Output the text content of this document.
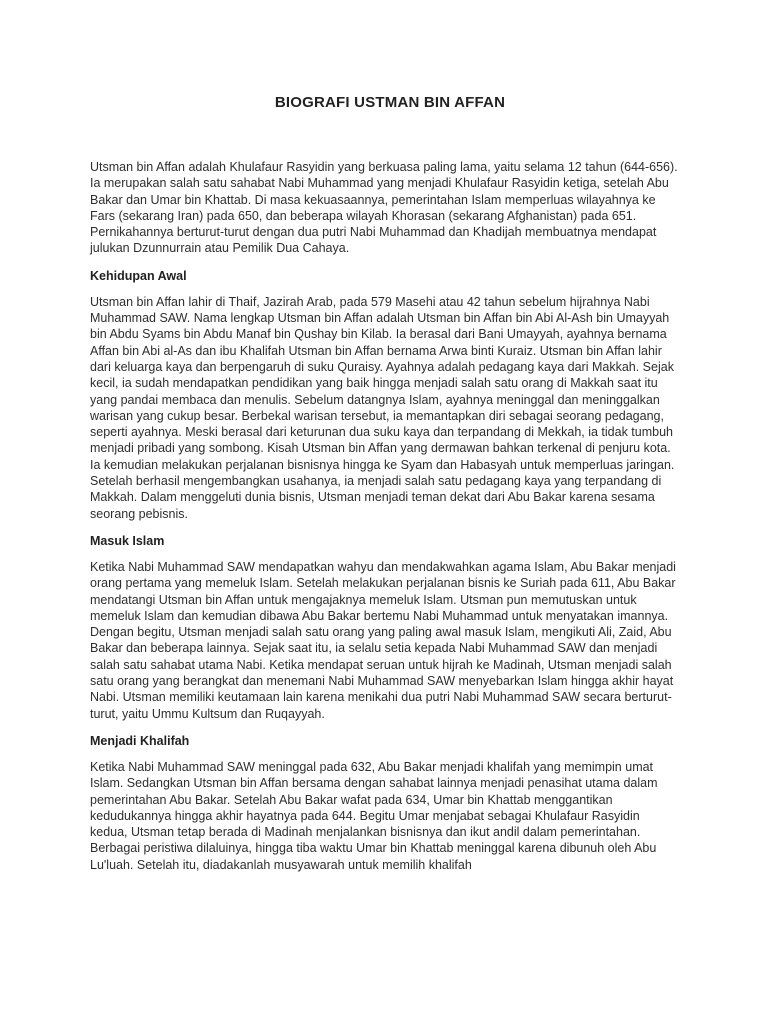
BIOGRAFI USTMAN BIN AFFAN

Utsman bin Affan adalah Khulafaur Rasyidin yang berkuasa paling lama, yaitu selama 12 tahun (644-656). Ia merupakan salah satu sahabat Nabi Muhammad yang menjadi Khulafaur Rasyidin ketiga, setelah Abu Bakar dan Umar bin Khattab. Di masa kekuasaannya, pemerintahan Islam memperluas wilayahnya ke Fars (sekarang Iran) pada 650, dan beberapa wilayah Khorasan (sekarang Afghanistan) pada 651. Pernikahannya berturut-turut dengan dua putri Nabi Muhammad dan Khadijah membuatnya mendapat julukan Dzunnurrain atau Pemilik Dua Cahaya.

Kehidupan Awal

Utsman bin Affan lahir di Thaif, Jazirah Arab, pada 579 Masehi atau 42 tahun sebelum hijrahnya Nabi Muhammad SAW. Nama lengkap Utsman bin Affan adalah Utsman bin Affan bin Abi Al-Ash bin Umayyah bin Abdu Syams bin Abdu Manaf bin Qushay bin Kilab. Ia berasal dari Bani Umayyah, ayahnya bernama Affan bin Abi al-As dan ibu Khalifah Utsman bin Affan bernama Arwa binti Kuraiz. Utsman bin Affan lahir dari keluarga kaya dan berpengaruh di suku Quraisy. Ayahnya adalah pedagang kaya dari Makkah. Sejak kecil, ia sudah mendapatkan pendidikan yang baik hingga menjadi salah satu orang di Makkah saat itu yang pandai membaca dan menulis. Sebelum datangnya Islam, ayahnya meninggal dan meninggalkan warisan yang cukup besar. Berbekal warisan tersebut, ia memantapkan diri sebagai seorang pedagang, seperti ayahnya. Meski berasal dari keturunan dua suku kaya dan terpandang di Mekkah, ia tidak tumbuh menjadi pribadi yang sombong. Kisah Utsman bin Affan yang dermawan bahkan terkenal di penjuru kota. Ia kemudian melakukan perjalanan bisnisnya hingga ke Syam dan Habasyah untuk memperluas jaringan. Setelah berhasil mengembangkan usahanya, ia menjadi salah satu pedagang kaya yang terpandang di Makkah. Dalam menggeluti dunia bisnis, Utsman menjadi teman dekat dari Abu Bakar karena sesama seorang pebisnis.

Masuk Islam

Ketika Nabi Muhammad SAW mendapatkan wahyu dan mendakwahkan agama Islam, Abu Bakar menjadi orang pertama yang memeluk Islam. Setelah melakukan perjalanan bisnis ke Suriah pada 611, Abu Bakar mendatangi Utsman bin Affan untuk mengajaknya memeluk Islam. Utsman pun memutuskan untuk memeluk Islam dan kemudian dibawa Abu Bakar bertemu Nabi Muhammad untuk menyatakan imannya. Dengan begitu, Utsman menjadi salah satu orang yang paling awal masuk Islam, mengikuti Ali, Zaid, Abu Bakar dan beberapa lainnya. Sejak saat itu, ia selalu setia kepada Nabi Muhammad SAW dan menjadi salah satu sahabat utama Nabi. Ketika mendapat seruan untuk hijrah ke Madinah, Utsman menjadi salah satu orang yang berangkat dan menemani Nabi Muhammad SAW menyebarkan Islam hingga akhir hayat Nabi. Utsman memiliki keutamaan lain karena menikahi dua putri Nabi Muhammad SAW secara berturut-turut, yaitu Ummu Kultsum dan Ruqayyah.

Menjadi Khalifah

Ketika Nabi Muhammad SAW meninggal pada 632, Abu Bakar menjadi khalifah yang memimpin umat Islam. Sedangkan Utsman bin Affan bersama dengan sahabat lainnya menjadi penasihat utama dalam pemerintahan Abu Bakar. Setelah Abu Bakar wafat pada 634, Umar bin Khattab menggantikan kedudukannya hingga akhir hayatnya pada 644. Begitu Umar menjabat sebagai Khulafaur Rasyidin kedua, Utsman tetap berada di Madinah menjalankan bisnisnya dan ikut andil dalam pemerintahan. Berbagai peristiwa dilaluinya, hingga tiba waktu Umar bin Khattab meninggal karena dibunuh oleh Abu Lu'luah. Setelah itu, diadakanlah musyawarah untuk memilih khalifah
